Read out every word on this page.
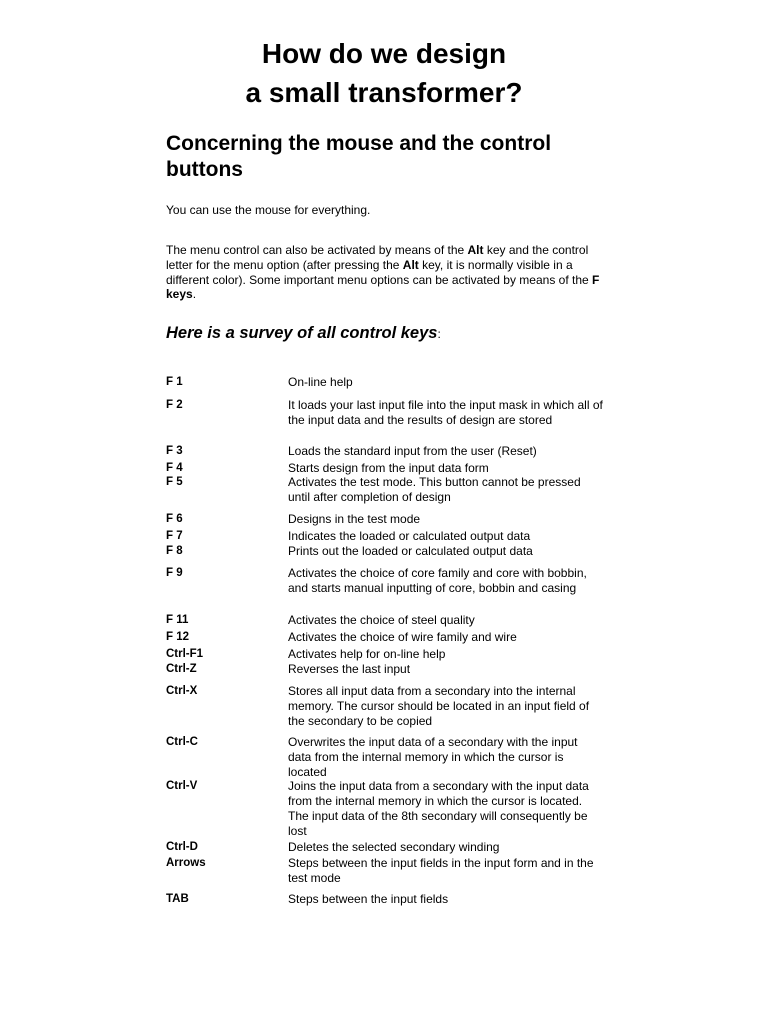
How do we design
a small transformer?
Concerning the mouse and the control buttons

You can use the mouse for everything.

The menu control can also be activated by means of the Alt key and the control letter for the menu option (after pressing the Alt key, it is normally visible in a different color). Some important menu options can be activated by means of the F keys.

Here is a survey of all control keys:
F 1	On-line help
F 2	It loads your last input file into the input mask in which all of the input data and the results of design are stored
F 3	Loads the standard input from the user (Reset)
F 4	Starts design from the input data form
F 5	Activates the test mode. This button cannot be pressed until after completion of design
F 6	Designs in the test mode
F 7	Indicates the loaded or calculated output data
F 8	Prints out the loaded or calculated output data
F 9	Activates the choice of core family and core with bobbin, and starts manual inputting of core, bobbin and casing
F 11	Activates the choice of steel quality
F 12	Activates the choice of wire family and wire
Ctrl-F1	Activates help for on-line help
Ctrl-Z	Reverses the last input
Ctrl-X	Stores all input data from a secondary into the internal memory. The cursor should be located in an input field of the secondary to be copied
Ctrl-C	Overwrites the input data of a secondary with the input data from the internal memory in which the cursor is located
Ctrl-V	Joins the input data from a secondary with the input data from the internal memory in which the cursor is located. The input data of the 8th secondary will consequently be lost
Ctrl-D	Deletes the selected secondary winding
Arrows	Steps between the input fields in the input form and in the test mode
TAB	Steps between the input fields
